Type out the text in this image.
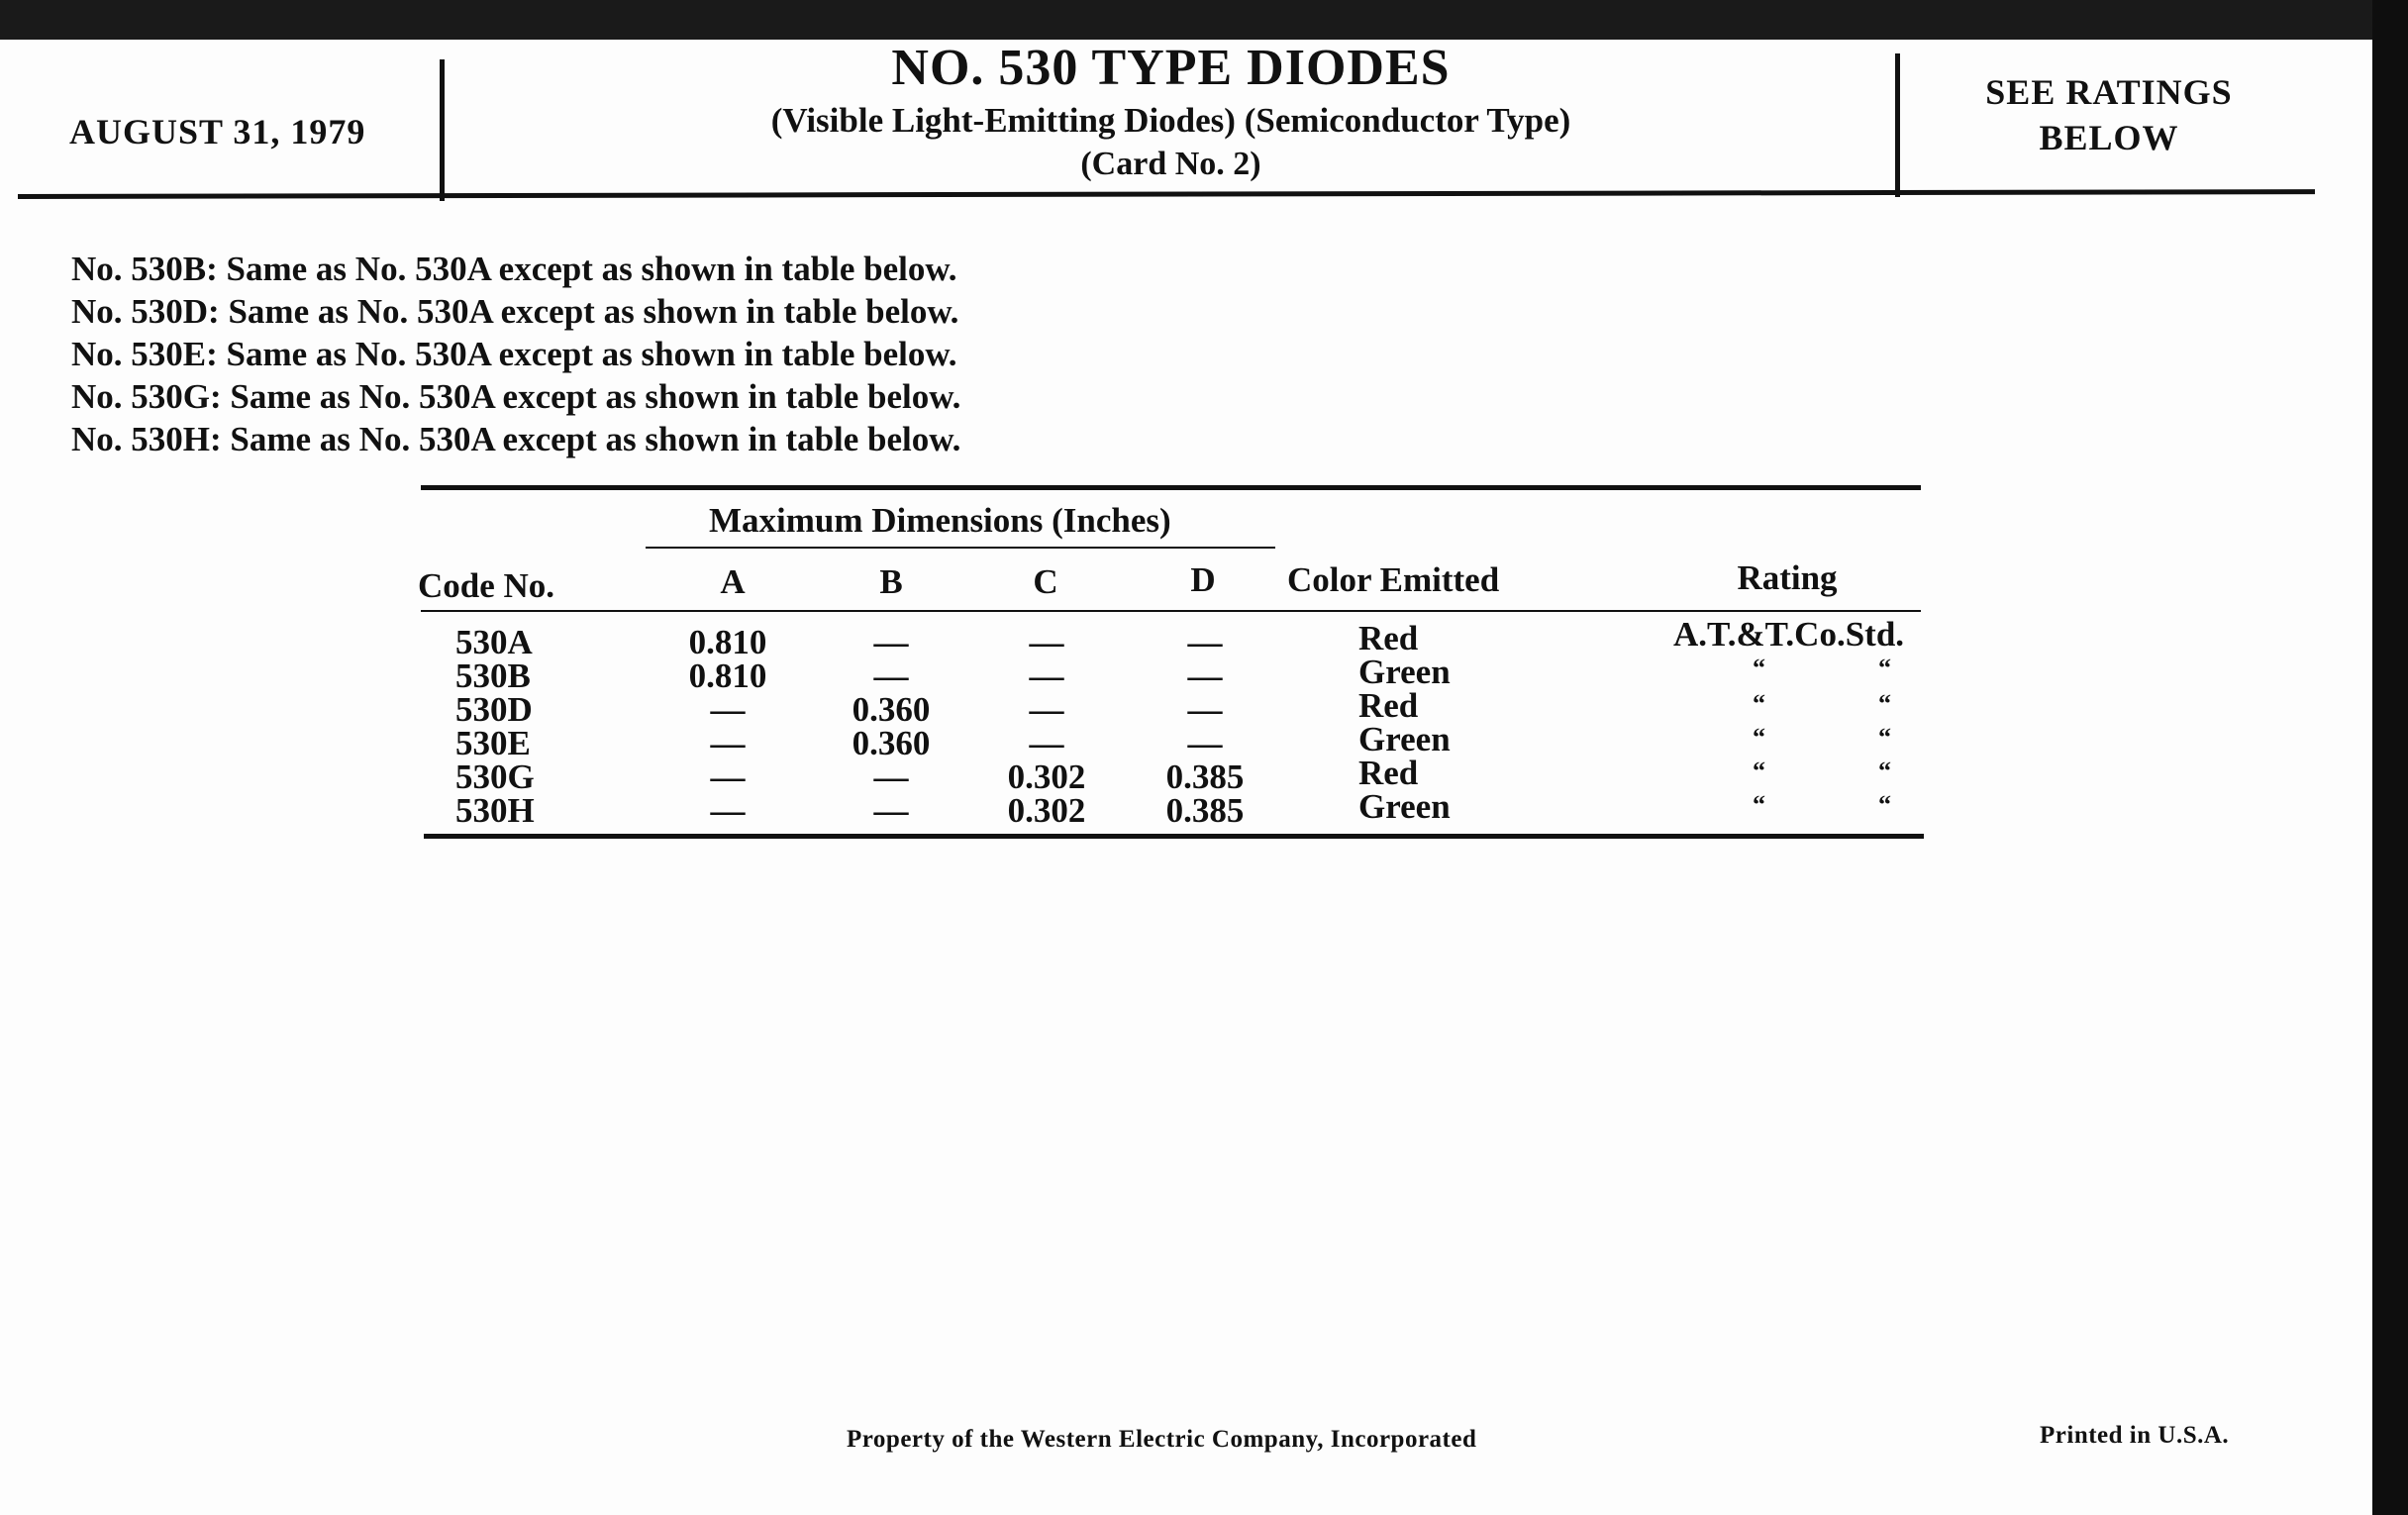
AUGUST 31, 1979
NO. 530 TYPE DIODES
(Visible Light-Emitting Diodes) (Semiconductor Type)
(Card No. 2)
SEE RATINGS
BELOW
No. 530B: Same as No. 530A except as shown in table below.
No. 530D: Same as No. 530A except as shown in table below.
No. 530E: Same as No. 530A except as shown in table below.
No. 530G: Same as No. 530A except as shown in table below.
No. 530H: Same as No. 530A except as shown in table below.
Maximum Dimensions (Inches)
Code No.	A	B	C	D	Color Emitted	Rating
530A	0.810	—	—	—	Red	A.T.&T.Co.Std.
530B	0.810	—	—	—	Green	“	“
530D	—	0.360	—	—	Red	“	“
530E	—	0.360	—	—	Green	“	“
530G	—	—	0.302	0.385	Red	“	“
530H	—	—	0.302	0.385	Green	“	“
Property of the Western Electric Company, Incorporated	Printed in U.S.A.
